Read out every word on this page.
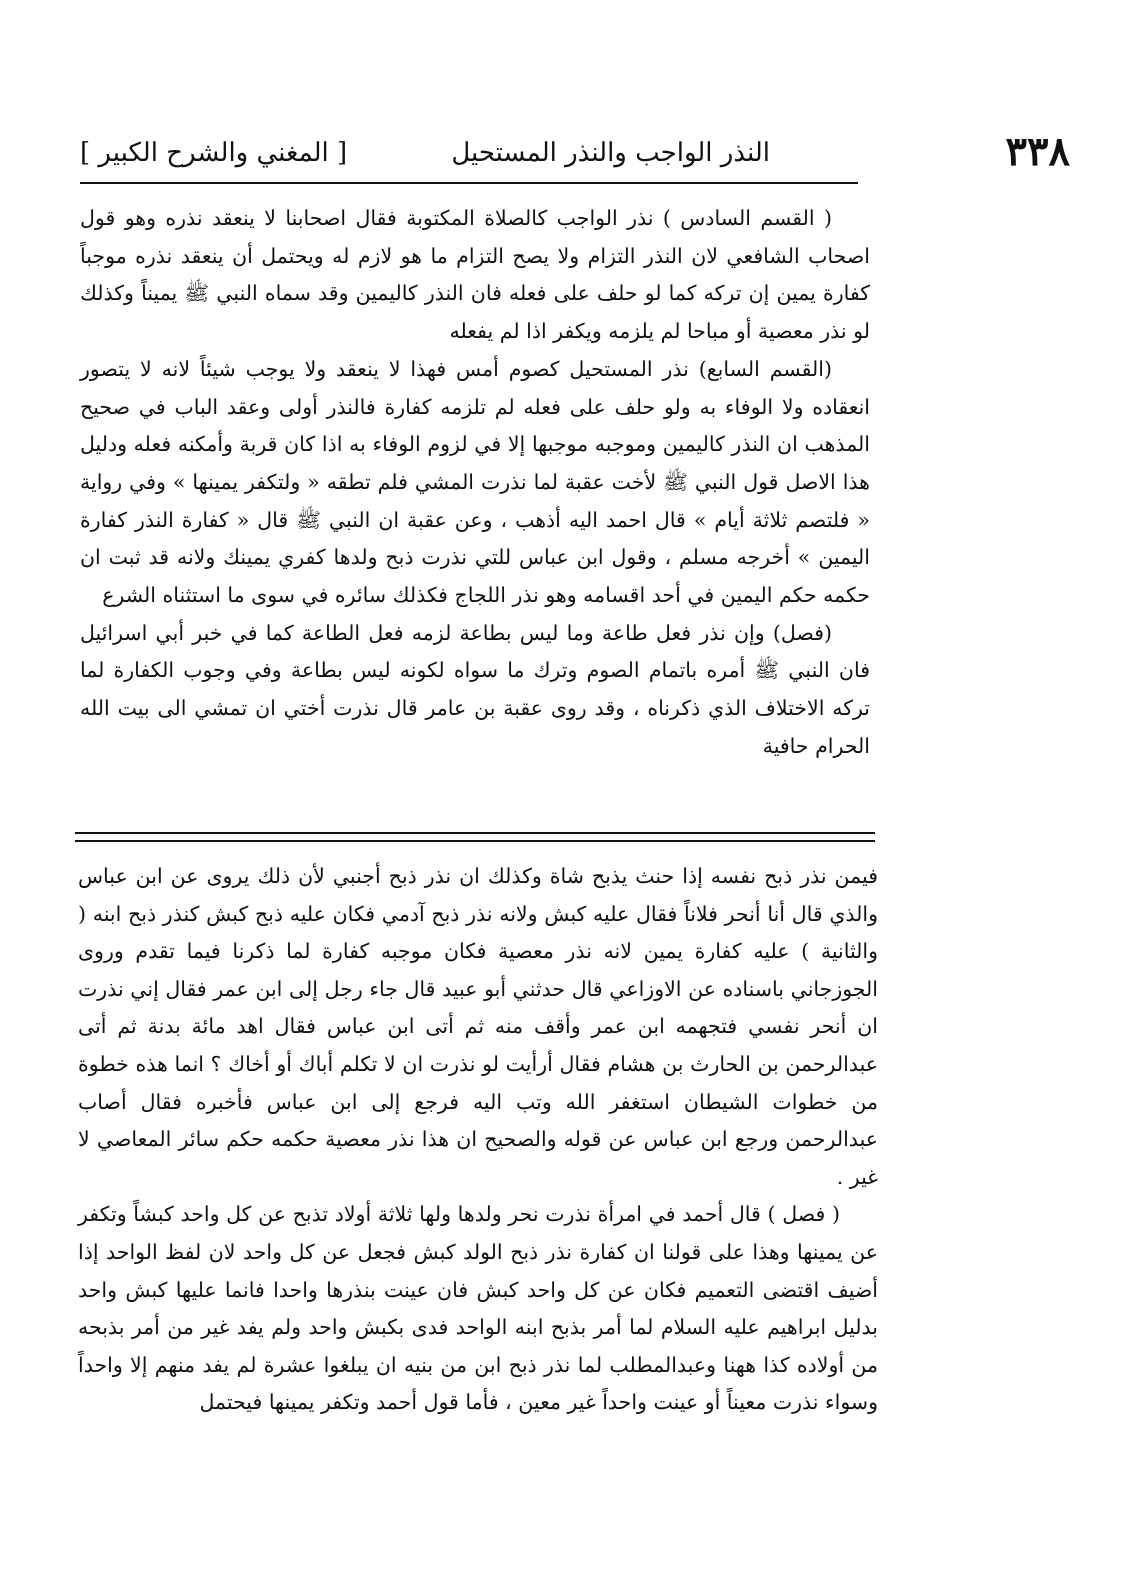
٣٣٨
النذر الواجب والنذر المستحيل
[ المغني والشرح الكبير ]

( القسم السادس ) نذر الواجب كالصلاة المكتوبة فقال اصحابنا لا ينعقد نذره وهو قول اصحاب الشافعي لان النذر التزام ولا يصح التزام ما هو لازم له ويحتمل أن ينعقد نذره موجباً كفارة يمين إن تركه كما لو حلف على فعله فان النذر كاليمين وقد سماه النبي ﷺ يميناً وكذلك لو نذر معصية أو مباحا لم يلزمه ويكفر اذا لم يفعله

(القسم السابع) نذر المستحيل كصوم أمس فهذا لا ينعقد ولا يوجب شيئاً لانه لا يتصور انعقاده ولا الوفاء به ولو حلف على فعله لم تلزمه كفارة فالنذر أولى وعقد الباب في صحيح المذهب ان النذر كاليمين وموجبه موجبها إلا في لزوم الوفاء به اذا كان قربة وأمكنه فعله ودليل هذا الاصل قول النبي ﷺ لأخت عقبة لما نذرت المشي فلم تطقه « ولتكفر يمينها » وفي رواية « فلتصم ثلاثة أيام » قال احمد اليه أذهب ، وعن عقبة ان النبي ﷺ قال « كفارة النذر كفارة اليمين » أخرجه مسلم ، وقول ابن عباس للتي نذرت ذبح ولدها كفري يمينك ولانه قد ثبت ان حكمه حكم اليمين في أحد اقسامه وهو نذر اللجاج فكذلك سائره في سوى ما استثناه الشرع

(فصل) وإن نذر فعل طاعة وما ليس بطاعة لزمه فعل الطاعة كما في خبر أبي اسرائيل فان النبي ﷺ أمره باتمام الصوم وترك ما سواه لكونه ليس بطاعة وفي وجوب الكفارة لما تركه الاختلاف الذي ذكرناه ، وقد روى عقبة بن عامر قال نذرت أختي ان تمشي الى بيت الله الحرام حافية

فيمن نذر ذبح نفسه إذا حنث يذبح شاة وكذلك ان نذر ذبح أجنبي لأن ذلك يروى عن ابن عباس والذي قال أنا أنحر فلاناً فقال عليه كبش ولانه نذر ذبح آدمي فكان عليه ذبح كبش كنذر ذبح ابنه ( والثانية ) عليه كفارة يمين لانه نذر معصية فكان موجبه كفارة لما ذكرنا فيما تقدم وروى الجوزجاني باسناده عن الاوزاعي قال حدثني أبو عبيد قال جاء رجل إلى ابن عمر فقال إني نذرت ان أنحر نفسي فتجهمه ابن عمر وأقف منه ثم أتى ابن عباس فقال اهد مائة بدنة ثم أتى عبدالرحمن بن الحارث بن هشام فقال أرأيت لو نذرت ان لا تكلم أباك أو أخاك ؟ انما هذه خطوة من خطوات الشيطان استغفر الله وتب اليه فرجع إلى ابن عباس فأخبره فقال أصاب عبدالرحمن ورجع ابن عباس عن قوله والصحيح ان هذا نذر معصية حكمه حكم سائر المعاصي لا غير .

( فصل ) قال أحمد في امرأة نذرت نحر ولدها ولها ثلاثة أولاد تذبح عن كل واحد كبشاً وتكفر عن يمينها وهذا على قولنا ان كفارة نذر ذبح الولد كبش فجعل عن كل واحد لان لفظ الواحد إذا أضيف اقتضى التعميم فكان عن كل واحد كبش فان عينت بنذرها واحدا فانما عليها كبش واحد بدليل ابراهيم عليه السلام لما أمر بذبح ابنه الواحد فدى بكبش واحد ولم يفد غير من أمر بذبحه من أولاده كذا ههنا وعبدالمطلب لما نذر ذبح ابن من بنيه ان يبلغوا عشرة لم يفد منهم إلا واحداً وسواء نذرت معيناً أو عينت واحداً غير معين ، فأما قول أحمد وتكفر يمينها فيحتمل
